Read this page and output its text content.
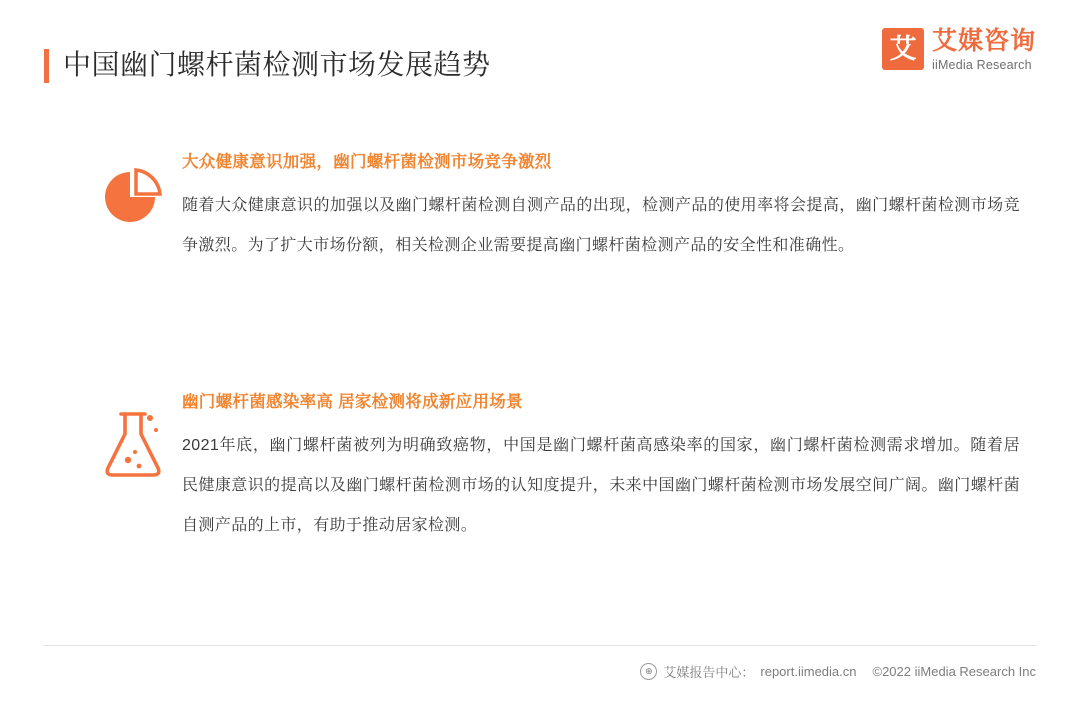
中国幽门螺杆菌检测市场发展趋势	艾 艾媒咨询
iiMedia Research
大众健康意识加强，幽门螺杆菌检测市场竞争激烈

随着大众健康意识的加强以及幽门螺杆菌检测自测产品的出现，检测产品的使用率将会提高，幽门螺杆菌检测市场竞争激烈。为了扩大市场份额，相关检测企业需要提高幽门螺杆菌检测产品的安全性和准确性。

幽门螺杆菌感染率高 居家检测将成新应用场景

2021年底，幽门螺杆菌被列为明确致癌物，中国是幽门螺杆菌高感染率的国家，幽门螺杆菌检测需求增加。随着居民健康意识的提高以及幽门螺杆菌检测市场的认知度提升，未来中国幽门螺杆菌检测市场发展空间广阔。幽门螺杆菌自测产品的上市，有助于推动居家检测。

⊕ 艾媒报告中心： report.iimedia.cn ©2022 iiMedia Research Inc
